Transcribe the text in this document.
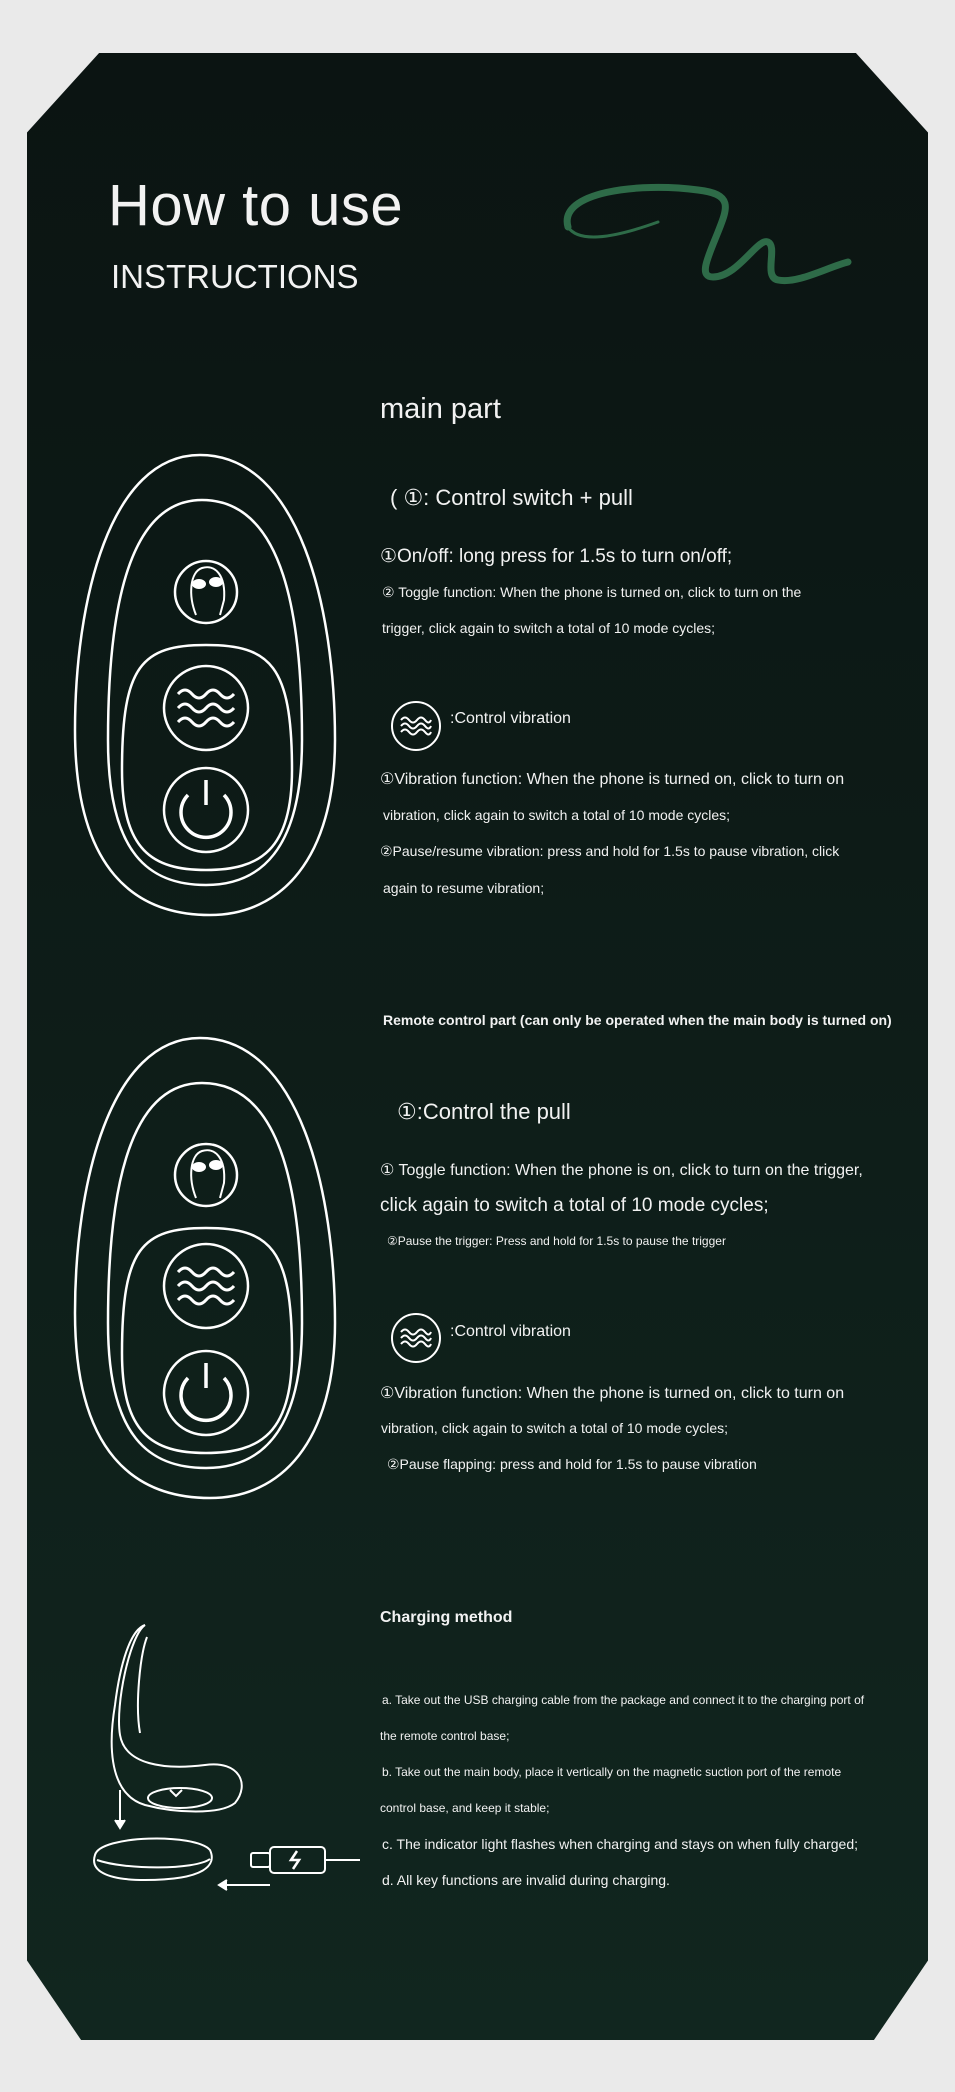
How to use
INSTRUCTIONS
main part
( ①: Control switch + pull
①On/off: long press for 1.5s to turn on/off;
② Toggle function: When the phone is turned on, click to turn on the
trigger, click again to switch a total of 10 mode cycles;
:Control vibration
①Vibration function: When the phone is turned on, click to turn on
vibration, click again to switch a total of 10 mode cycles;
②Pause/resume vibration: press and hold for 1.5s to pause vibration, click
again to resume vibration;
Remote control part (can only be operated when the main body is turned on)
①:Control the pull
① Toggle function: When the phone is on, click to turn on the trigger,
click again to switch a total of 10 mode cycles;
②Pause the trigger: Press and hold for 1.5s to pause the trigger
:Control vibration
①Vibration function: When the phone is turned on, click to turn on
vibration, click again to switch a total of 10 mode cycles;
②Pause flapping: press and hold for 1.5s to pause vibration
Charging method
a. Take out the USB charging cable from the package and connect it to the charging port of
the remote control base;
b. Take out the main body, place it vertically on the magnetic suction port of the remote
control base, and keep it stable;
c. The indicator light flashes when charging and stays on when fully charged;
d. All key functions are invalid during charging.
